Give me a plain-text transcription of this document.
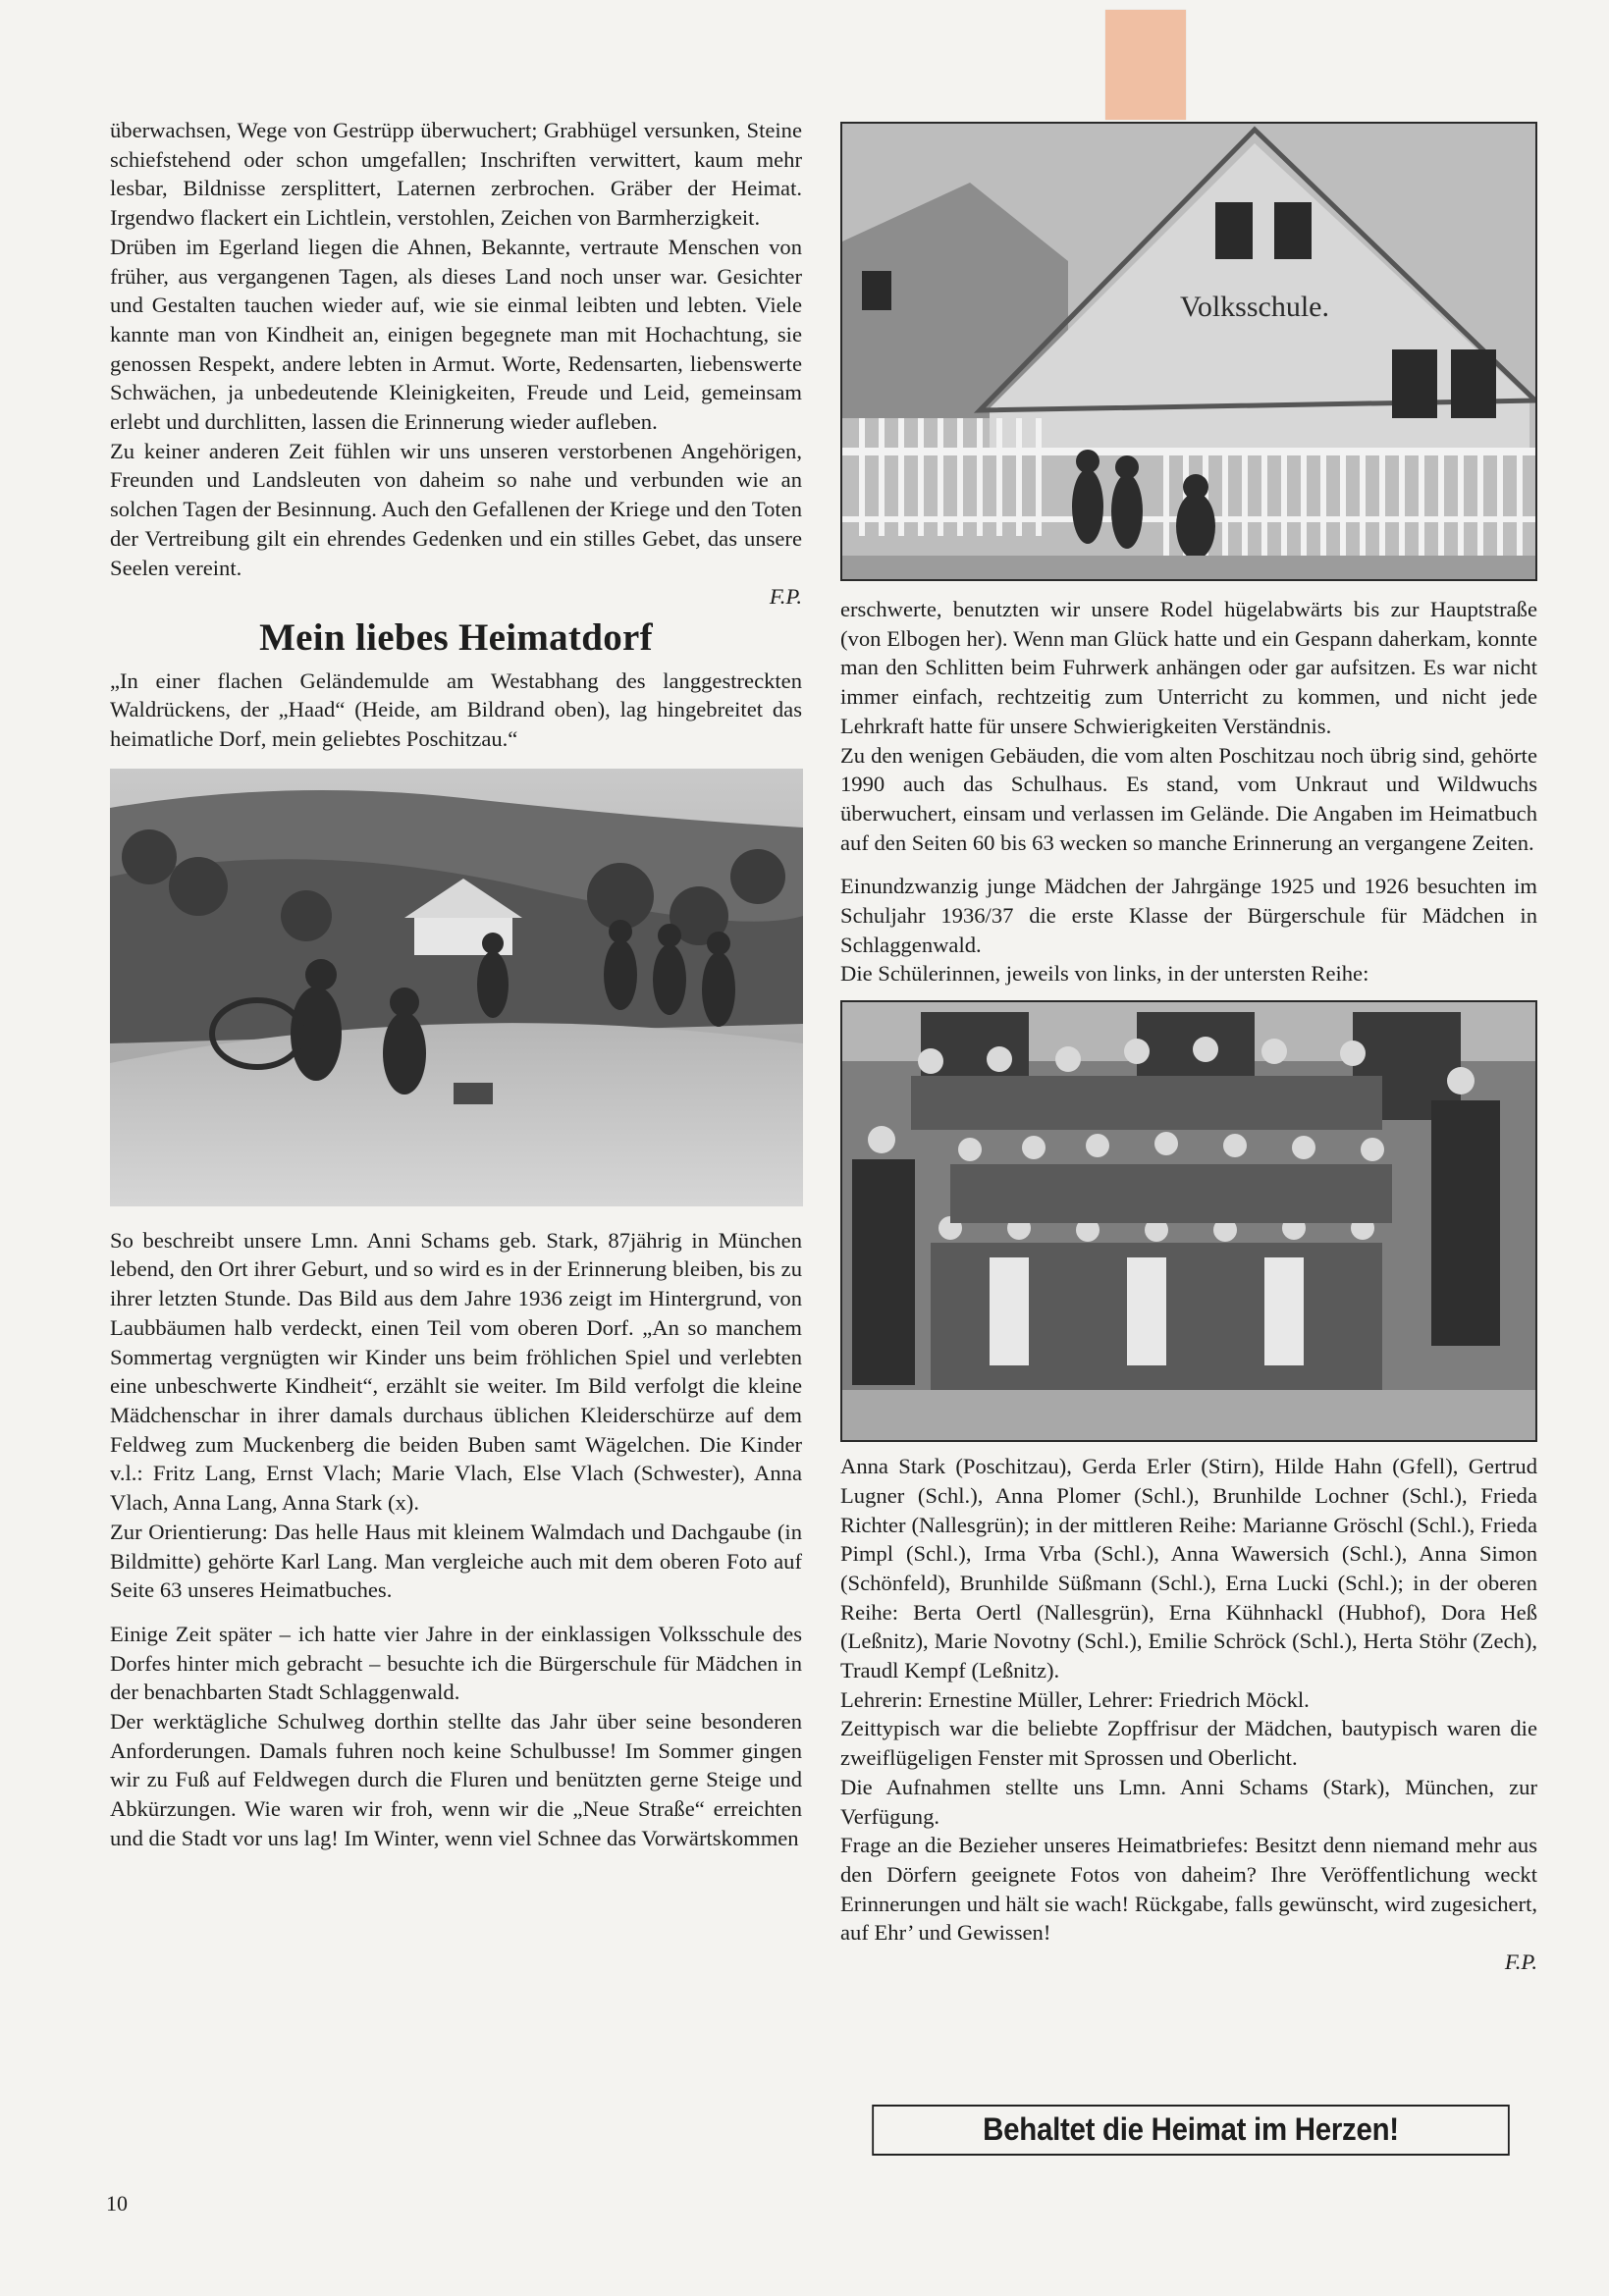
überwachsen, Wege von Gestrüpp überwuchert; Grabhügel versunken, Steine schiefstehend oder schon umgefallen; Inschriften verwittert, kaum mehr lesbar, Bildnisse zersplittert, Laternen zerbrochen. Gräber der Heimat. Irgendwo flackert ein Lichtlein, verstohlen, Zeichen von Barmherzigkeit.

Drüben im Egerland liegen die Ahnen, Bekannte, vertraute Menschen von früher, aus vergangenen Tagen, als dieses Land noch unser war. Gesichter und Gestalten tauchen wieder auf, wie sie einmal leibten und lebten. Viele kannte man von Kindheit an, einigen begegnete man mit Hochachtung, sie genossen Respekt, andere lebten in Armut. Worte, Redensarten, liebenswerte Schwächen, ja unbedeutende Kleinigkeiten, Freude und Leid, gemeinsam erlebt und durchlitten, lassen die Erinnerung wieder aufleben.

Zu keiner anderen Zeit fühlen wir uns unseren verstorbenen Angehörigen, Freunden und Landsleuten von daheim so nahe und verbunden wie an solchen Tagen der Besinnung. Auch den Gefallenen der Kriege und den Toten der Vertreibung gilt ein ehrendes Gedenken und ein stilles Gebet, das unsere Seelen vereint.

F.P.

Mein liebes Heimatdorf

„In einer flachen Geländemulde am Westabhang des langgestreckten Waldrückens, der „Haad“ (Heide, am Bildrand oben), lag hingebreitet das heimatliche Dorf, mein geliebtes Poschitzau.“

So beschreibt unsere Lmn. Anni Schams geb. Stark, 87jährig in München lebend, den Ort ihrer Geburt, und so wird es in der Erinnerung bleiben, bis zu ihrer letzten Stunde. Das Bild aus dem Jahre 1936 zeigt im Hintergrund, von Laubbäumen halb verdeckt, einen Teil vom oberen Dorf. „An so manchem Sommertag vergnügten wir Kinder uns beim fröhlichen Spiel und verlebten eine unbeschwerte Kindheit“, erzählt sie weiter. Im Bild verfolgt die kleine Mädchenschar in ihrer damals durchaus üblichen Kleiderschürze auf dem Feldweg zum Muckenberg die beiden Buben samt Wägelchen. Die Kinder v.l.: Fritz Lang, Ernst Vlach; Marie Vlach, Else Vlach (Schwester), Anna Vlach, Anna Lang, Anna Stark (x).

Zur Orientierung: Das helle Haus mit kleinem Walmdach und Dachgaube (in Bildmitte) gehörte Karl Lang. Man vergleiche auch mit dem oberen Foto auf Seite 63 unseres Heimatbuches.

Einige Zeit später – ich hatte vier Jahre in der einklassigen Volksschule des Dorfes hinter mich gebracht – besuchte ich die Bürgerschule für Mädchen in der benachbarten Stadt Schlaggenwald.

Der werktägliche Schulweg dorthin stellte das Jahr über seine besonderen Anforderungen. Damals fuhren noch keine Schulbusse! Im Sommer gingen wir zu Fuß auf Feldwegen durch die Fluren und benützten gerne Steige und Abkürzungen. Wie waren wir froh, wenn wir die „Neue Straße“ erreichten und die Stadt vor uns lag! Im Winter, wenn viel Schnee das Vorwärtskommen

Volksschule.

erschwerte, benutzten wir unsere Rodel hügelabwärts bis zur Hauptstraße (von Elbogen her). Wenn man Glück hatte und ein Gespann daherkam, konnte man den Schlitten beim Fuhrwerk anhängen oder gar aufsitzen. Es war nicht immer einfach, rechtzeitig zum Unterricht zu kommen, und nicht jede Lehrkraft hatte für unsere Schwierigkeiten Verständnis.

Zu den wenigen Gebäuden, die vom alten Poschitzau noch übrig sind, gehörte 1990 auch das Schulhaus. Es stand, vom Unkraut und Wildwuchs überwuchert, einsam und verlassen im Gelände. Die Angaben im Heimatbuch auf den Seiten 60 bis 63 wecken so manche Erinnerung an vergangene Zeiten.

Einundzwanzig junge Mädchen der Jahrgänge 1925 und 1926 besuchten im Schuljahr 1936/37 die erste Klasse der Bürgerschule für Mädchen in Schlaggenwald.

Die Schülerinnen, jeweils von links, in der untersten Reihe:

Anna Stark (Poschitzau), Gerda Erler (Stirn), Hilde Hahn (Gfell), Gertrud Lugner (Schl.), Anna Plomer (Schl.), Brunhilde Lochner (Schl.), Frieda Richter (Nallesgrün); in der mittleren Reihe: Marianne Gröschl (Schl.), Frieda Pimpl (Schl.), Irma Vrba (Schl.), Anna Wawersich (Schl.), Anna Simon (Schönfeld), Brunhilde Süßmann (Schl.), Erna Lucki (Schl.); in der oberen Reihe: Berta Oertl (Nallesgrün), Erna Kühnhackl (Hubhof), Dora Heß (Leßnitz), Marie Novotny (Schl.), Emilie Schröck (Schl.), Herta Stöhr (Zech), Traudl Kempf (Leßnitz).

Lehrerin: Ernestine Müller, Lehrer: Friedrich Möckl.

Zeittypisch war die beliebte Zopffrisur der Mädchen, bautypisch waren die zweiflügeligen Fenster mit Sprossen und Oberlicht.

Die Aufnahmen stellte uns Lmn. Anni Schams (Stark), München, zur Verfügung.

Frage an die Bezieher unseres Heimatbriefes: Besitzt denn niemand mehr aus den Dörfern geeignete Fotos von daheim? Ihre Veröffentlichung weckt Erinnerungen und hält sie wach! Rückgabe, falls gewünscht, wird zugesichert, auf Ehr’ und Gewissen!

F.P.

Behaltet die Heimat im Herzen!
10
